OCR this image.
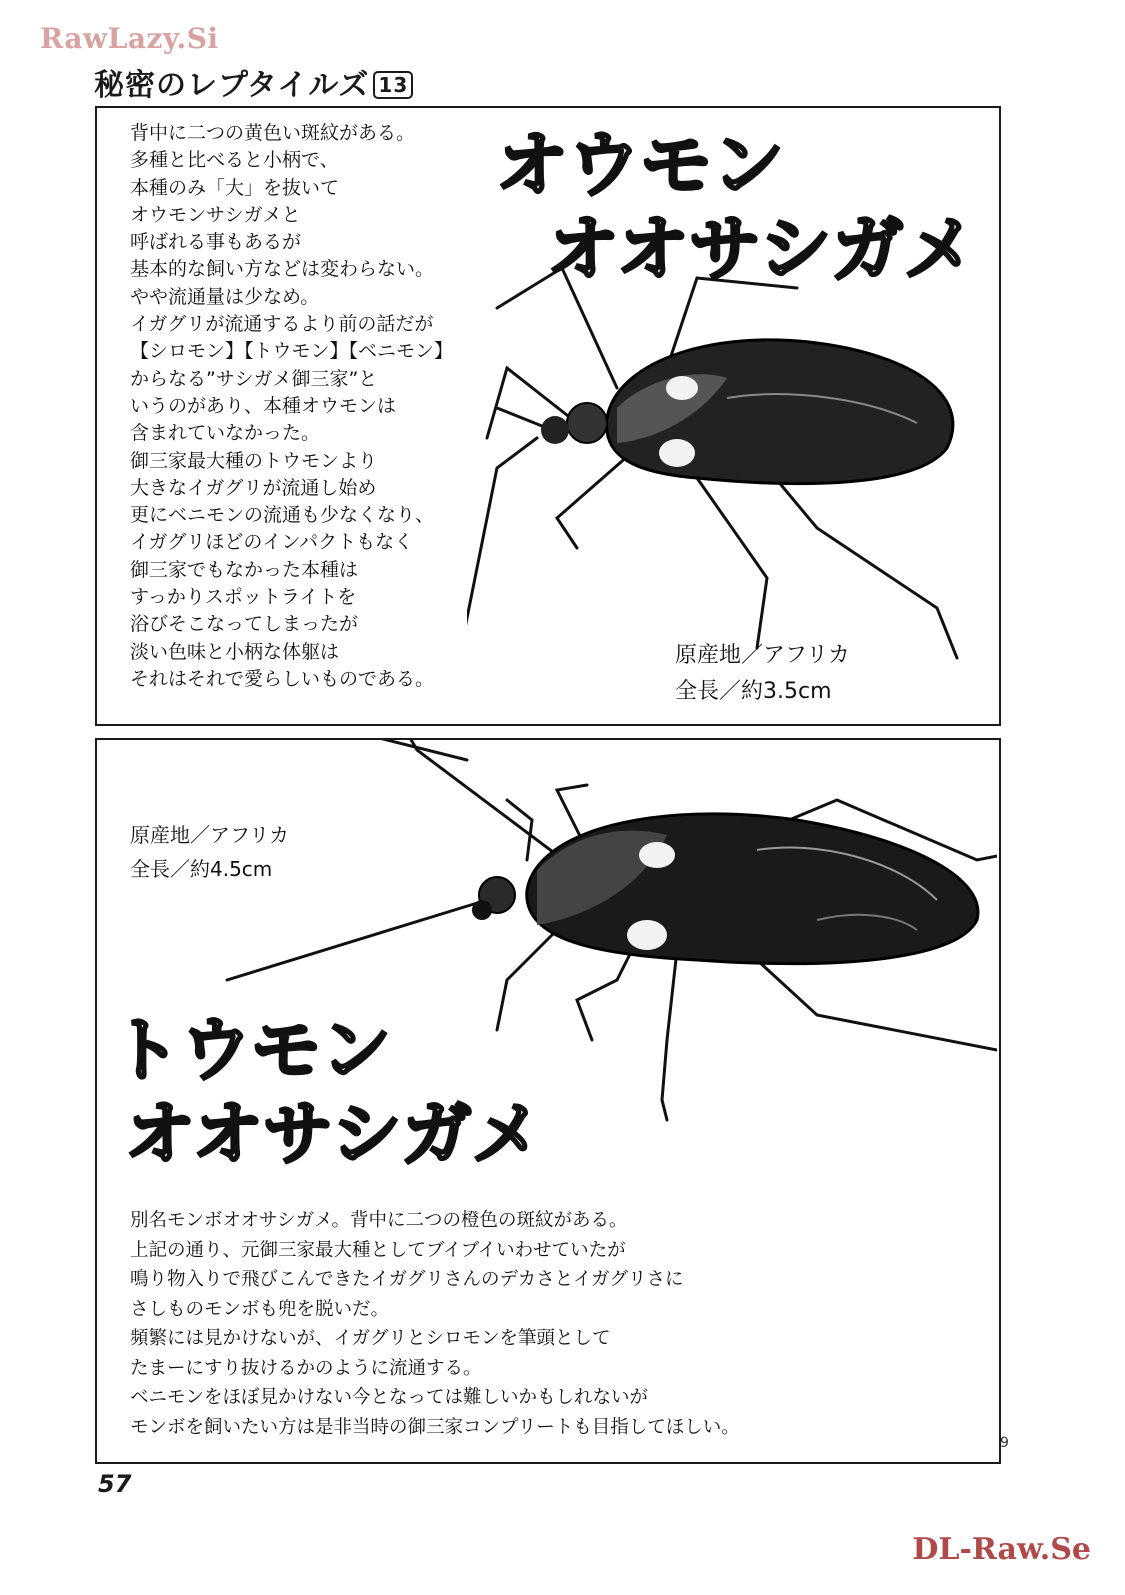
RawLazy.Si
秘密のレプタイルズ 13
背中に二つの黄色い斑紋がある。
多種と比べると小柄で、
本種のみ「大」を抜いて
オウモンサシガメと
呼ばれる事もあるが
基本的な飼い方などは変わらない。
やや流通量は少なめ。
イガグリが流通するより前の話だが
【シロモン】【トウモン】【ベニモン】
からなる”サシガメ御三家”と
いうのがあり、本種オウモンは
含まれていなかった。
御三家最大種のトウモンより
大きなイガグリが流通し始め
更にベニモンの流通も少なくなり、
イガグリほどのインパクトもなく
御三家でもなかった本種は
すっかりスポットライトを
浴びそこなってしまったが
淡い色味と小柄な体躯は
それはそれで愛らしいものである。
原産地／アフリカ
全長／約3.5cm
オウモン
オオサシガメ
原産地／アフリカ
全長／約4.5cm
トウモン
オオサシガメ
別名モンボオオサシガメ。背中に二つの橙色の斑紋がある。
上記の通り、元御三家最大種としてブイブイいわせていたが
鳴り物入りで飛びこんできたイガグリさんのデカさとイガグリさに
さしものモンボも兜を脱いだ。
頻繁には見かけないが、イガグリとシロモンを筆頭として
たまーにすり抜けるかのように流通する。
ベニモンをほぼ見かけない今となっては難しいかもしれないが
モンボを飼いたい方は是非当時の御三家コンプリートも目指してほしい。
9
57
DL-Raw.Se
